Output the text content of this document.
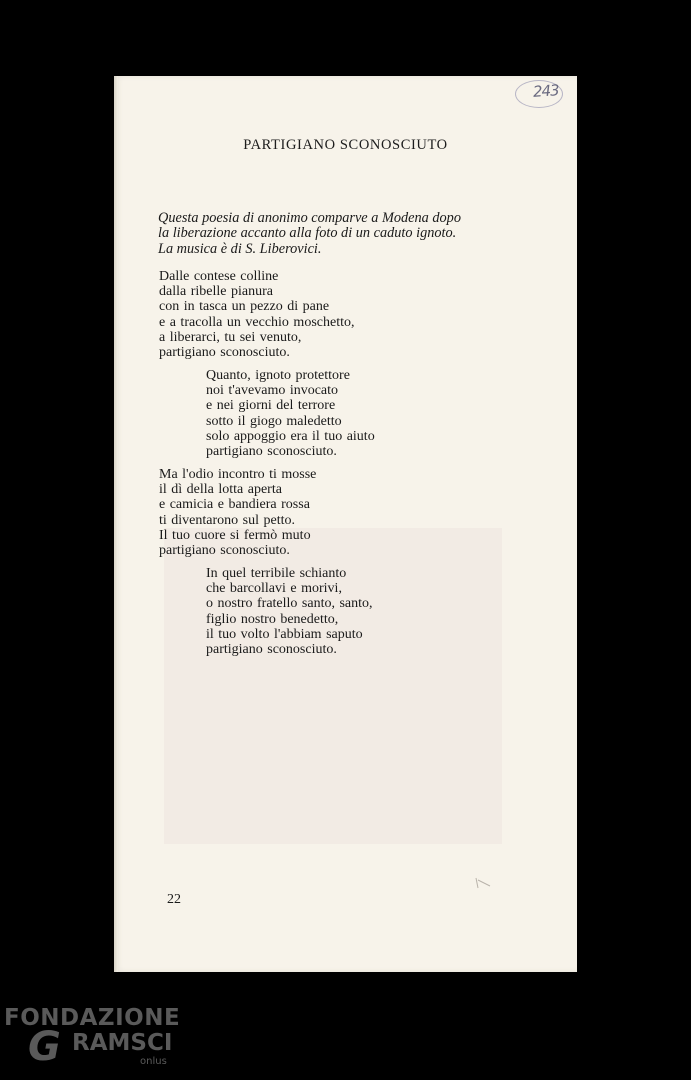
243
PARTIGIANO SCONOSCIUTO
Questa poesia di anonimo comparve a Modena dopo
la liberazione accanto alla foto di un caduto ignoto.
La musica è di S. Liberovici.
Dalle contese colline
dalla ribelle pianura
con in tasca un pezzo di pane
e a tracolla un vecchio moschetto,
a liberarci, tu sei venuto,
partigiano sconosciuto.
Quanto, ignoto protettore
noi t'avevamo invocato
e nei giorni del terrore
sotto il giogo maledetto
solo appoggio era il tuo aiuto
partigiano sconosciuto.
Ma l'odio incontro ti mosse
il dì della lotta aperta
e camicia e bandiera rossa
ti diventarono sul petto.
Il tuo cuore si fermò muto
partigiano sconosciuto.
In quel terribile schianto
che barcollavi e morivi,
o nostro fratello santo, santo,
figlio nostro benedetto,
il tuo volto l'abbiam saputo
partigiano sconosciuto.
22
FONDAZIONE
G RAMSCI
onlus
